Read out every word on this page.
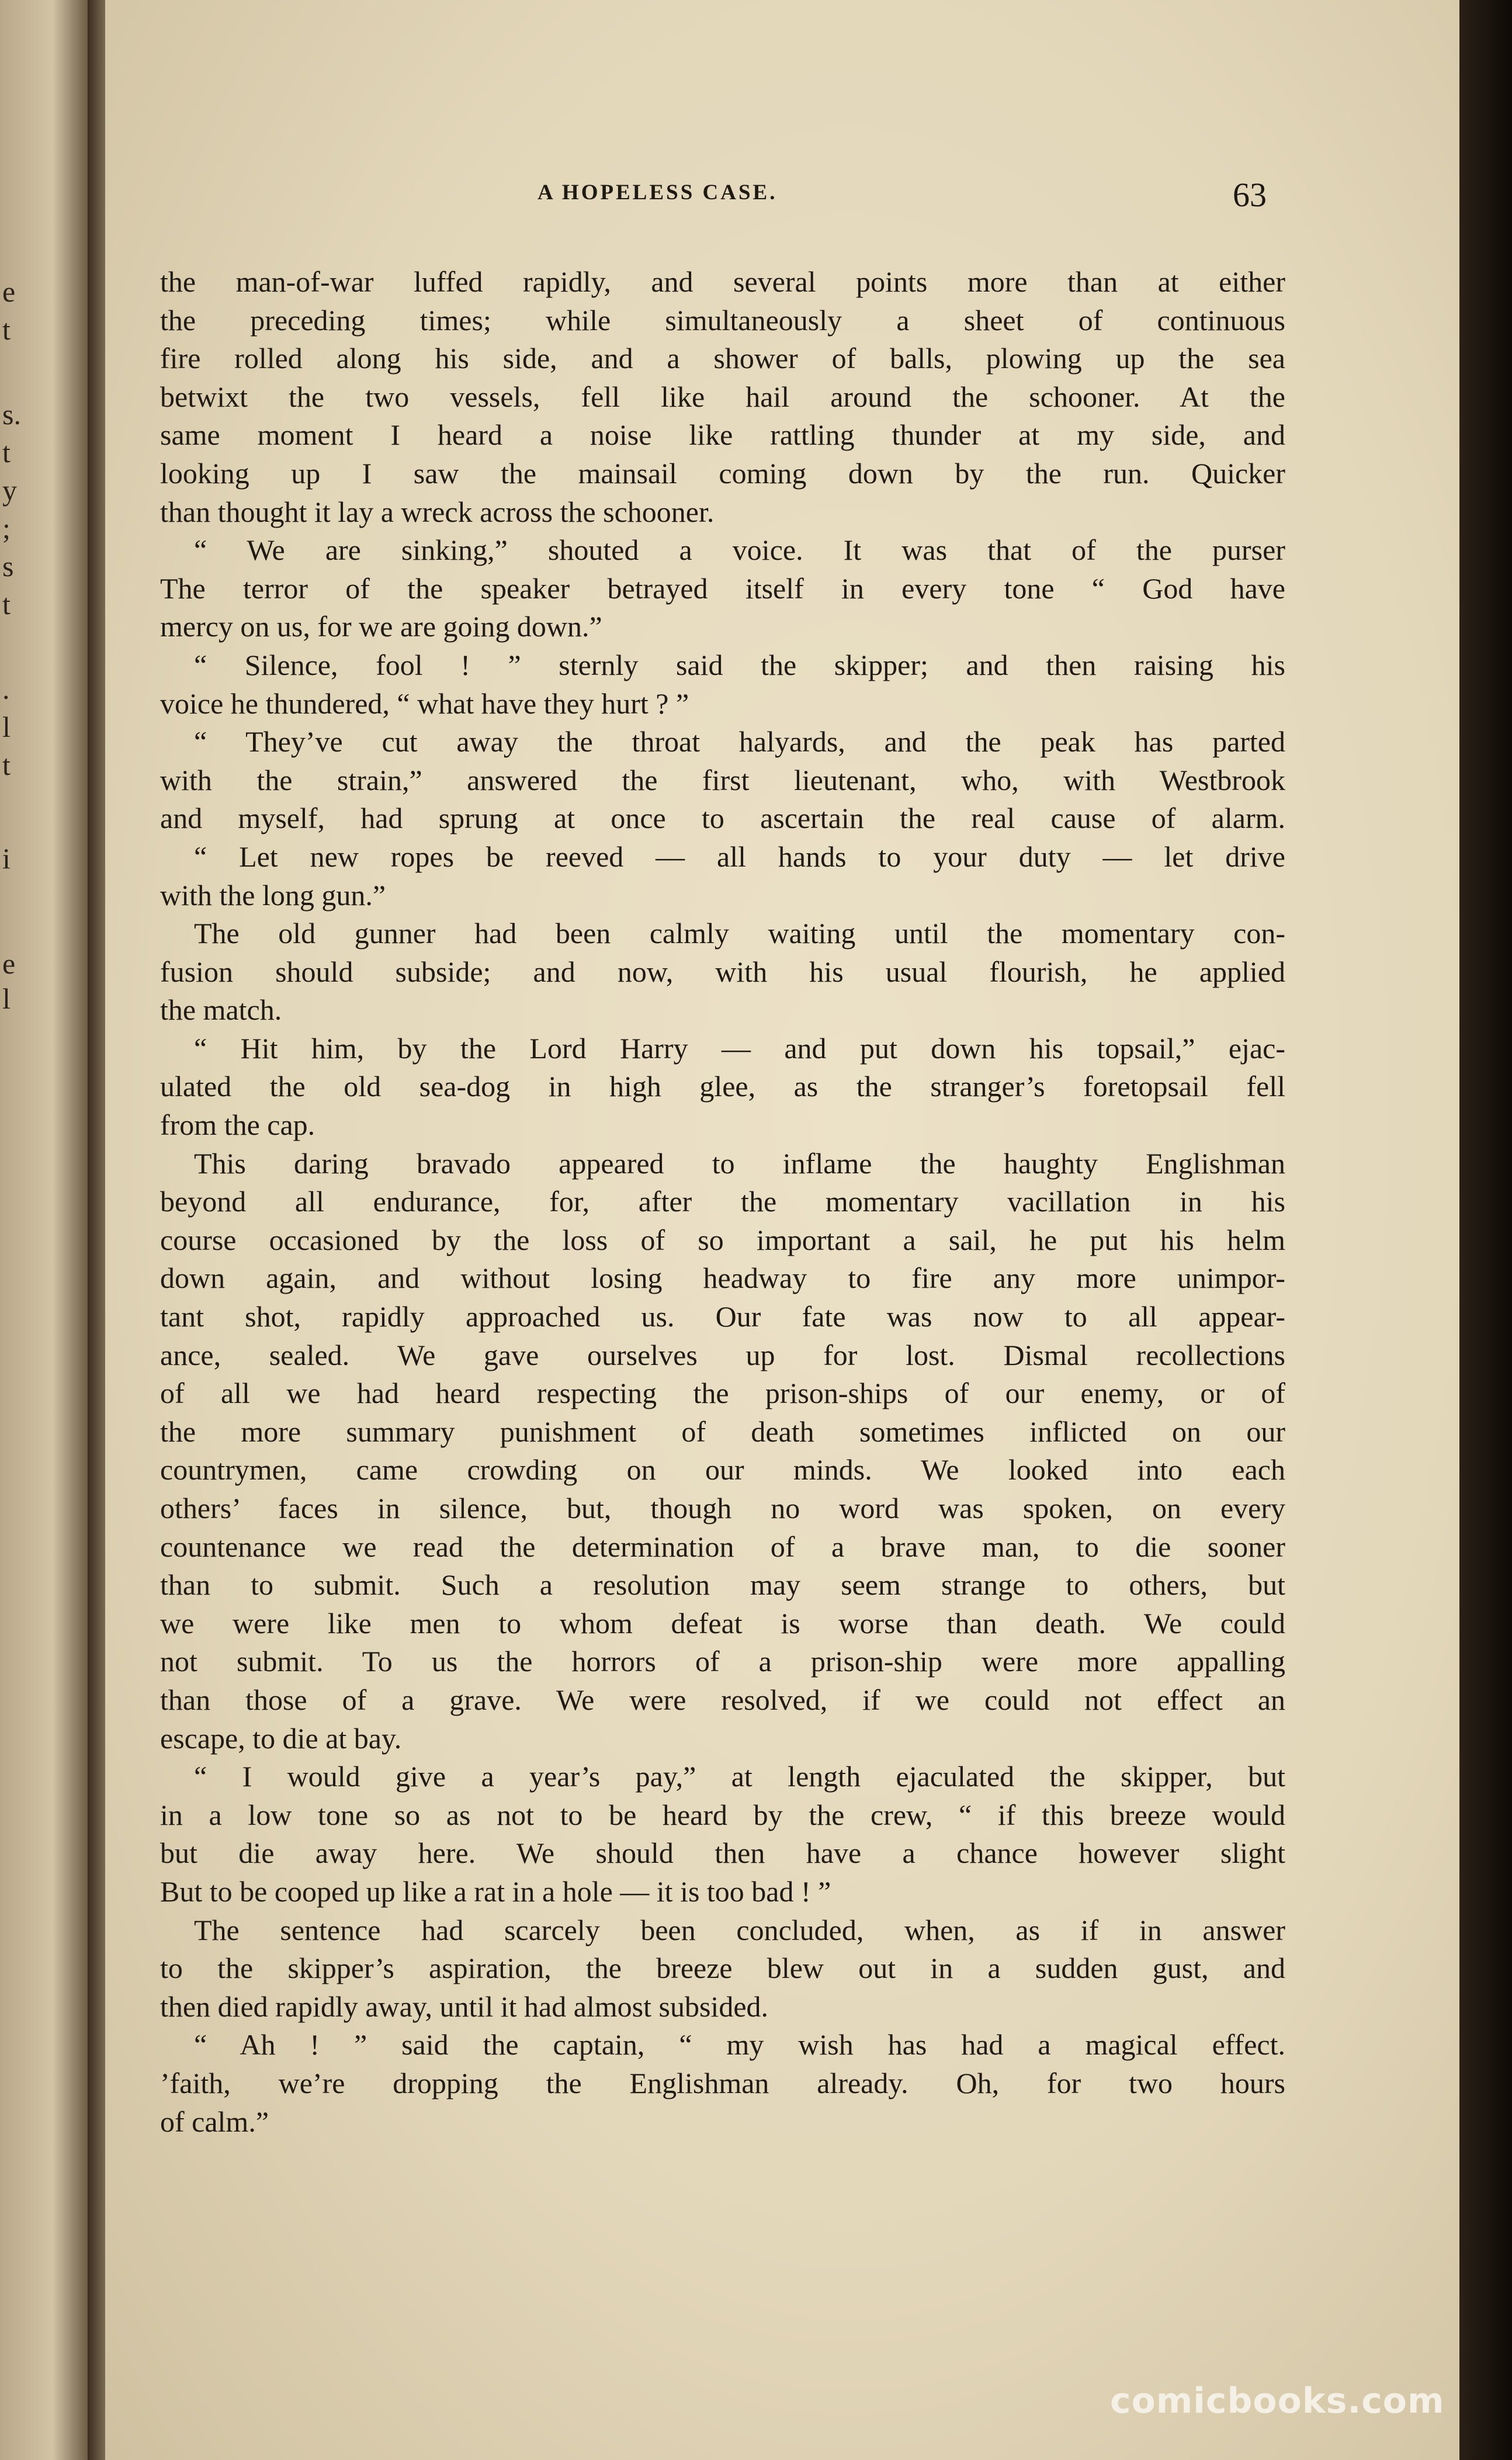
e
t
s.
t
y
;
s
t
.
l
t
i
e
l
A HOPELESS CASE.	63
the man-of-war luffed rapidly, and several points more than at either
the preceding times; while simultaneously a sheet of continuous
fire rolled along his side, and a shower of balls, plowing up the sea
betwixt the two vessels, fell like hail around the schooner. At the
same moment I heard a noise like rattling thunder at my side, and
looking up I saw the mainsail coming down by the run. Quicker
than thought it lay a wreck across the schooner.
“ We are sinking,” shouted a voice. It was that of the purser
The terror of the speaker betrayed itself in every tone “ God have
mercy on us, for we are going down.”
“ Silence, fool ! ” sternly said the skipper; and then raising his
voice he thundered, “ what have they hurt ? ”
“ They’ve cut away the throat halyards, and the peak has parted
with the strain,” answered the first lieutenant, who, with Westbrook
and myself, had sprung at once to ascertain the real cause of alarm.
“ Let new ropes be reeved — all hands to your duty — let drive
with the long gun.”
The old gunner had been calmly waiting until the momentary con-
fusion should subside; and now, with his usual flourish, he applied
the match.
“ Hit him, by the Lord Harry — and put down his topsail,” ejac-
ulated the old sea-dog in high glee, as the stranger’s foretopsail fell
from the cap.
This daring bravado appeared to inflame the haughty Englishman
beyond all endurance, for, after the momentary vacillation in his
course occasioned by the loss of so important a sail, he put his helm
down again, and without losing headway to fire any more unimpor-
tant shot, rapidly approached us. Our fate was now to all appear-
ance, sealed. We gave ourselves up for lost. Dismal recollections
of all we had heard respecting the prison-ships of our enemy, or of
the more summary punishment of death sometimes inflicted on our
countrymen, came crowding on our minds. We looked into each
others’ faces in silence, but, though no word was spoken, on every
countenance we read the determination of a brave man, to die sooner
than to submit. Such a resolution may seem strange to others, but
we were like men to whom defeat is worse than death. We could
not submit. To us the horrors of a prison-ship were more appalling
than those of a grave. We were resolved, if we could not effect an
escape, to die at bay.
“ I would give a year’s pay,” at length ejaculated the skipper, but
in a low tone so as not to be heard by the crew, “ if this breeze would
but die away here. We should then have a chance however slight
But to be cooped up like a rat in a hole — it is too bad ! ”
The sentence had scarcely been concluded, when, as if in answer
to the skipper’s aspiration, the breeze blew out in a sudden gust, and
then died rapidly away, until it had almost subsided.
“ Ah ! ” said the captain, “ my wish has had a magical effect.
’faith, we’re dropping the Englishman already. Oh, for two hours
of calm.”
comicbooks.com
